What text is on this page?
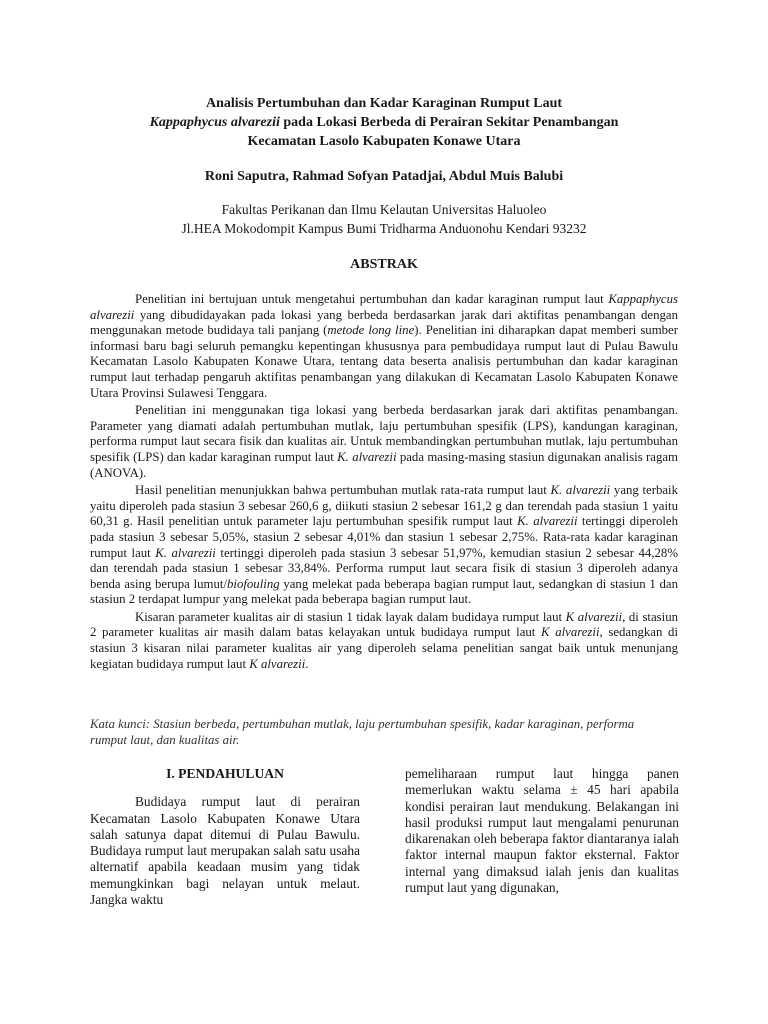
Analisis Pertumbuhan dan Kadar Karaginan Rumput Laut
Kappaphycus alvarezii pada Lokasi Berbeda di Perairan Sekitar Penambangan
Kecamatan Lasolo Kabupaten Konawe Utara
Roni Saputra, Rahmad Sofyan Patadjai, Abdul Muis Balubi
Fakultas Perikanan dan Ilmu Kelautan Universitas Haluoleo
Jl.HEA Mokodompit Kampus Bumi Tridharma Anduonohu Kendari 93232
ABSTRAK

Penelitian ini bertujuan untuk mengetahui pertumbuhan dan kadar karaginan rumput laut Kappaphycus alvarezii yang dibudidayakan pada lokasi yang berbeda berdasarkan jarak dari aktifitas penambangan dengan menggunakan metode budidaya tali panjang (metode long line). Penelitian ini diharapkan dapat memberi sumber informasi baru bagi seluruh pemangku kepentingan khususnya para pembudidaya rumput laut di Pulau Bawulu Kecamatan Lasolo Kabupaten Konawe Utara, tentang data beserta analisis pertumbuhan dan kadar karaginan rumput laut terhadap pengaruh aktifitas penambangan yang dilakukan di Kecamatan Lasolo Kabupaten Konawe Utara Provinsi Sulawesi Tenggara.

Penelitian ini menggunakan tiga lokasi yang berbeda berdasarkan jarak dari aktifitas penambangan. Parameter yang diamati adalah pertumbuhan mutlak, laju pertumbuhan spesifik (LPS), kandungan karaginan, performa rumput laut secara fisik dan kualitas air. Untuk membandingkan pertumbuhan mutlak, laju pertumbuhan spesifik (LPS) dan kadar karaginan rumput laut K. alvarezii pada masing-masing stasiun digunakan analisis ragam (ANOVA).

Hasil penelitian menunjukkan bahwa pertumbuhan mutlak rata-rata rumput laut K. alvarezii yang terbaik yaitu diperoleh pada stasiun 3 sebesar 260,6 g, diikuti stasiun 2 sebesar 161,2 g dan terendah pada stasiun 1 yaitu 60,31 g. Hasil penelitian untuk parameter laju pertumbuhan spesifik rumput laut K. alvarezii tertinggi diperoleh pada stasiun 3 sebesar 5,05%, stasiun 2 sebesar 4,01% dan stasiun 1 sebesar 2,75%. Rata-rata kadar karaginan rumput laut K. alvarezii tertinggi diperoleh pada stasiun 3 sebesar 51,97%, kemudian stasiun 2 sebesar 44,28% dan terendah pada stasiun 1 sebesar 33,84%. Performa rumput laut secara fisik di stasiun 3 diperoleh adanya benda asing berupa lumut/biofouling yang melekat pada beberapa bagian rumput laut, sedangkan di stasiun 1 dan stasiun 2 terdapat lumpur yang melekat pada beberapa bagian rumput laut.

Kisaran parameter kualitas air di stasiun 1 tidak layak dalam budidaya rumput laut K alvarezii, di stasiun 2 parameter kualitas air masih dalam batas kelayakan untuk budidaya rumput laut K alvarezii, sedangkan di stasiun 3 kisaran nilai parameter kualitas air yang diperoleh selama penelitian sangat baik untuk menunjang kegiatan budidaya rumput laut K alvarezii.

Kata kunci: Stasiun berbeda, pertumbuhan mutlak, laju pertumbuhan spesifik, kadar karaginan, performa rumput laut, dan kualitas air.
I. PENDAHULUAN

Budidaya rumput laut di perairan Kecamatan Lasolo Kabupaten Konawe Utara salah satunya dapat ditemui di Pulau Bawulu. Budidaya rumput laut merupakan salah satu usaha alternatif apabila keadaan musim yang tidak memungkinkan bagi nelayan untuk melaut. Jangka waktu

pemeliharaan rumput laut hingga panen memerlukan waktu selama ± 45 hari apabila kondisi perairan laut mendukung. Belakangan ini hasil produksi rumput laut mengalami penurunan dikarenakan oleh beberapa faktor diantaranya ialah faktor internal maupun faktor eksternal. Faktor internal yang dimaksud ialah jenis dan kualitas rumput laut yang digunakan,
